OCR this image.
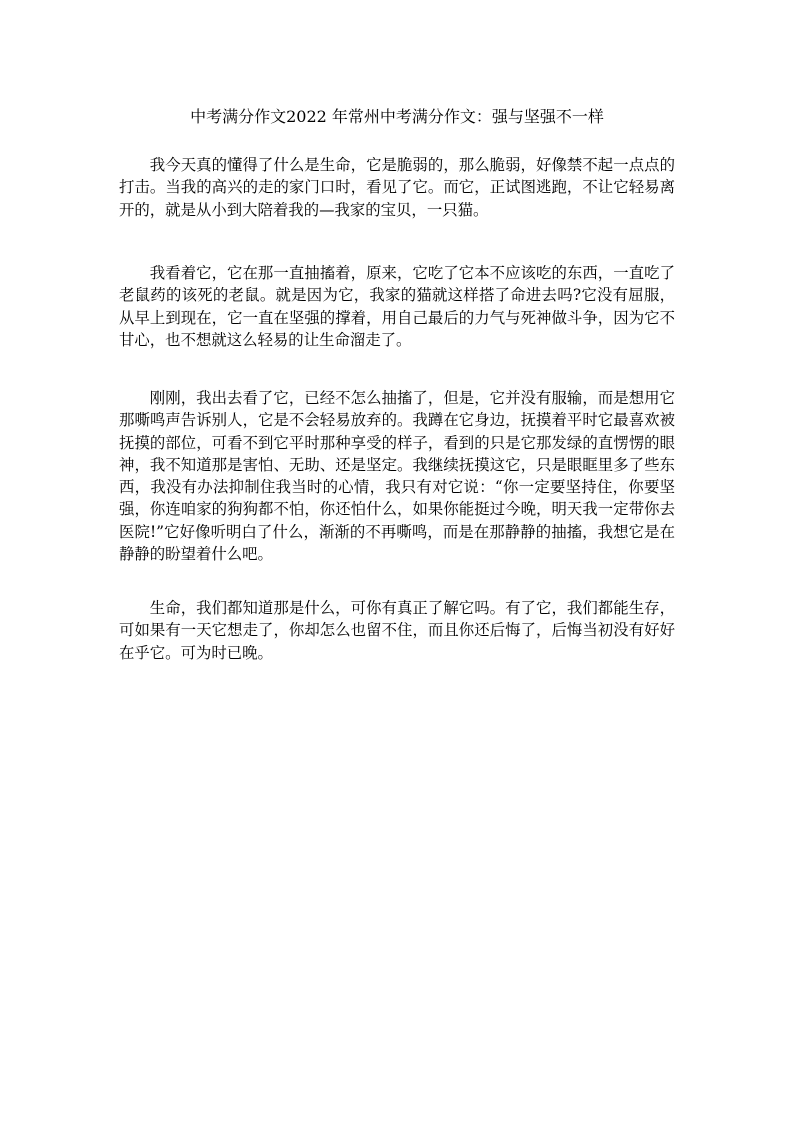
中考满分作文2022 年常州中考满分作文：强与坚强不一样

我今天真的懂得了什么是生命，它是脆弱的，那么脆弱，好像禁不起一点点的打击。当我的高兴的走的家门口时，看见了它。而它，正试图逃跑，不让它轻易离开的，就是从小到大陪着我的—我家的宝贝，一只猫。

我看着它，它在那一直抽搐着，原来，它吃了它本不应该吃的东西，一直吃了老鼠药的该死的老鼠。就是因为它，我家的猫就这样搭了命进去吗?它没有屈服，从早上到现在，它一直在坚强的撑着，用自己最后的力气与死神做斗争，因为它不甘心，也不想就这么轻易的让生命溜走了。

刚刚，我出去看了它，已经不怎么抽搐了，但是，它并没有服输，而是想用它那嘶鸣声告诉别人，它是不会轻易放弃的。我蹲在它身边，抚摸着平时它最喜欢被抚摸的部位，可看不到它平时那种享受的样子，看到的只是它那发绿的直愣愣的眼神，我不知道那是害怕、无助、还是坚定。我继续抚摸这它，只是眼眶里多了些东西，我没有办法抑制住我当时的心情，我只有对它说：“你一定要坚持住，你要坚强，你连咱家的狗狗都不怕，你还怕什么，如果你能挺过今晚，明天我一定带你去医院!”它好像听明白了什么，渐渐的不再嘶鸣，而是在那静静的抽搐，我想它是在静静的盼望着什么吧。

生命，我们都知道那是什么，可你有真正了解它吗。有了它，我们都能生存，可如果有一天它想走了，你却怎么也留不住，而且你还后悔了，后悔当初没有好好在乎它。可为时已晚。
